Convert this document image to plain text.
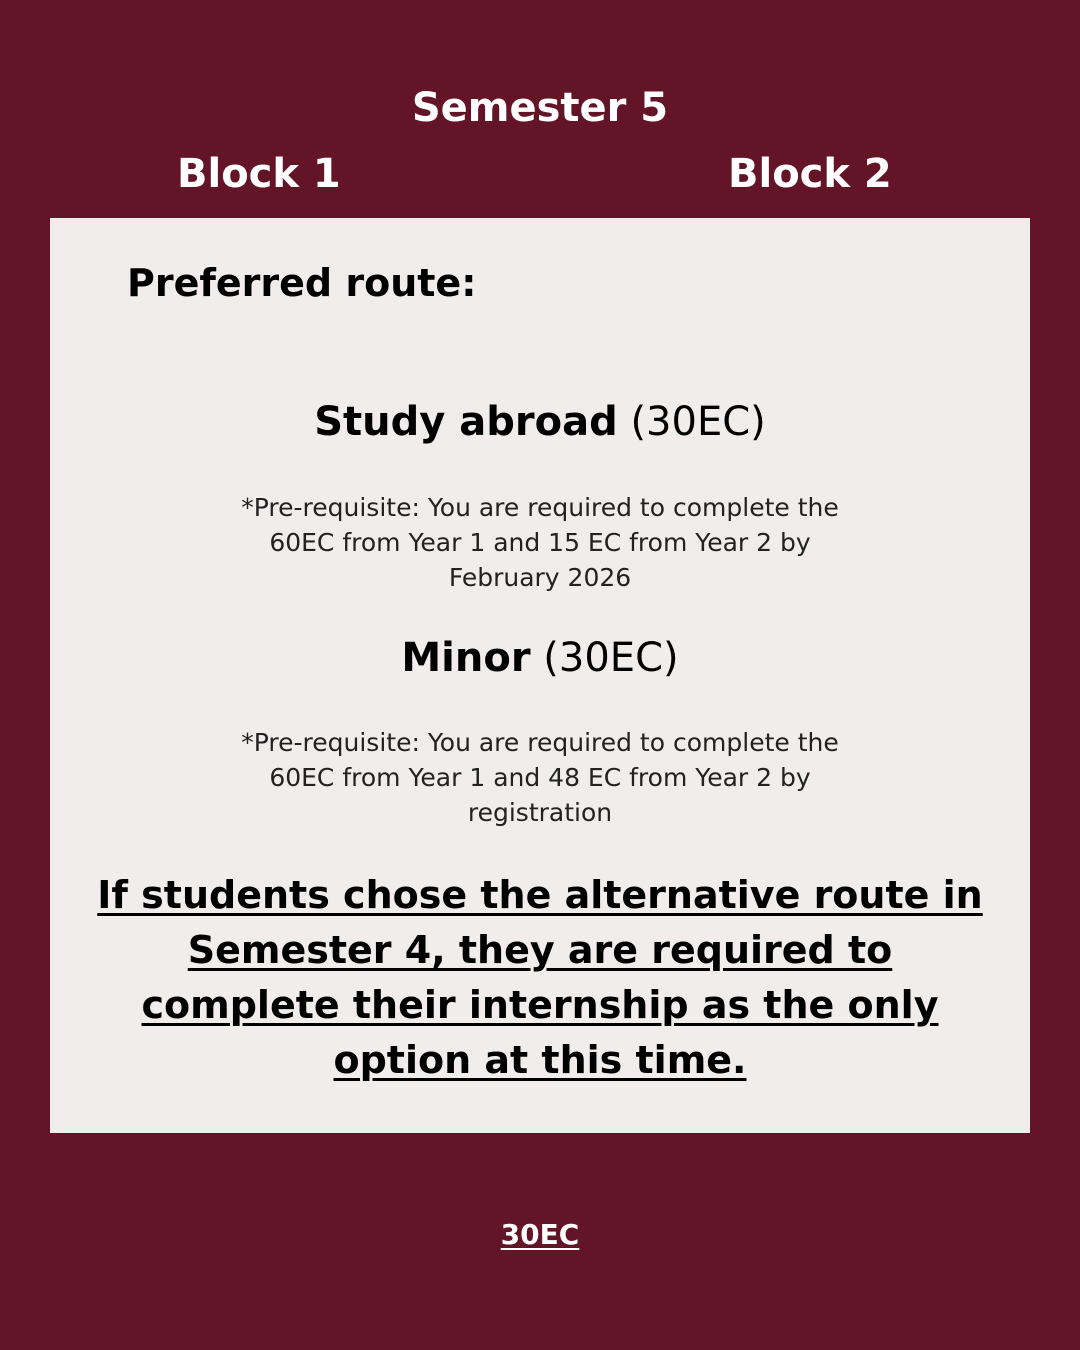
Semester 5
Block 1	Block 2
Preferred route:
Study abroad (30EC)
*Pre-requisite: You are required to complete the 60EC from Year 1 and 15 EC from Year 2 by February 2026
Minor (30EC)
*Pre-requisite: You are required to complete the 60EC from Year 1 and 48 EC from Year 2 by registration
If students chose the alternative route in Semester 4, they are required to complete their internship as the only option at this time.
30EC
